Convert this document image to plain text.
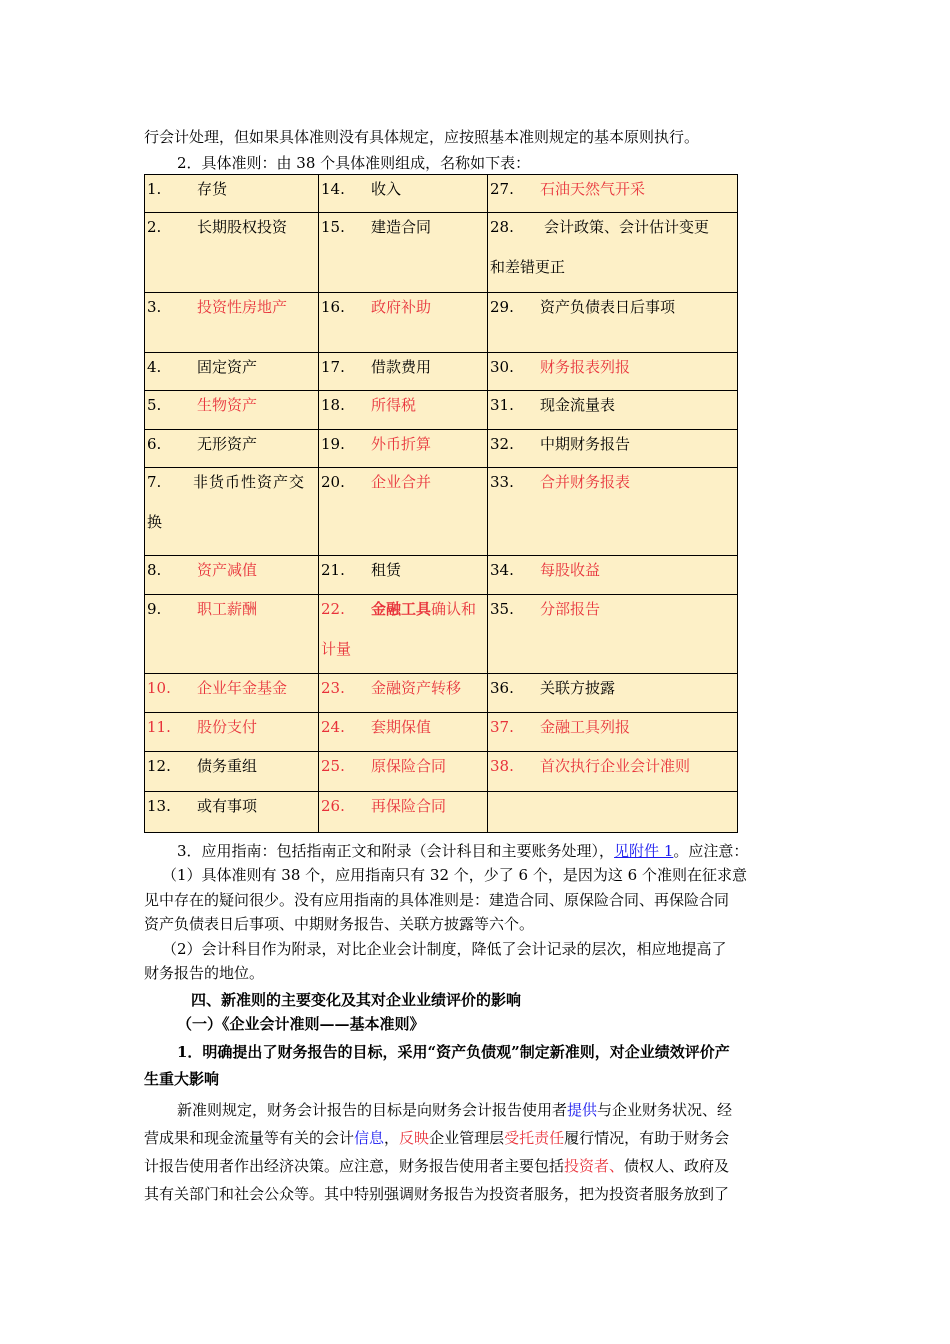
行会计处理，但如果具体准则没有具体规定，应按照基本准则规定的基本原则执行。
2．具体准则：由 38 个具体准则组成，名称如下表：
1. 存货	14. 收入	27. 石油天然气开采

2. 长期股权投资	15. 建造合同	28. 会计政策、会计估计变更
和差错更正

3. 投资性房地产	16. 政府补助	29. 资产负债表日后事项

4. 固定资产	17. 借款费用	30. 财务报表列报

5. 生物资产	18. 所得税	31. 现金流量表

6. 无形资产	19. 外币折算	32. 中期财务报告

7. 非货币性资产交
换	20. 企业合并	33. 合并财务报表

8. 资产减值	21. 租赁	34. 每股收益

9. 职工薪酬	22. 金融工具确认和
计量	35. 分部报告

10. 企业年金基金	23. 金融资产转移	36. 关联方披露

11. 股份支付	24. 套期保值	37. 金融工具列报

12. 债务重组	25. 原保险合同	38. 首次执行企业会计准则

13. 或有事项	26. 再保险合同	

3．应用指南：包括指南正文和附录（会计科目和主要账务处理），见附件 1。应注意：
（1）具体准则有 38 个，应用指南只有 32 个，少了 6 个，是因为这 6 个准则在征求意
见中存在的疑问很少。没有应用指南的具体准则是：建造合同、原保险合同、再保险合同
资产负债表日后事项、中期财务报告、关联方披露等六个。
（2）会计科目作为附录，对比企业会计制度，降低了会计记录的层次，相应地提高了
财务报告的地位。
四、新准则的主要变化及其对企业业绩评价的影响
（一）《企业会计准则——基本准则》
1．明确提出了财务报告的目标，采用“资产负债观”制定新准则，对企业绩效评价产
生重大影响
新准则规定，财务会计报告的目标是向财务会计报告使用者提供与企业财务状况、经
营成果和现金流量等有关的会计信息，反映企业管理层受托责任履行情况，有助于财务会
计报告使用者作出经济决策。应注意，财务报告使用者主要包括投资者、债权人、政府及
其有关部门和社会公众等。其中特别强调财务报告为投资者服务，把为投资者服务放到了
